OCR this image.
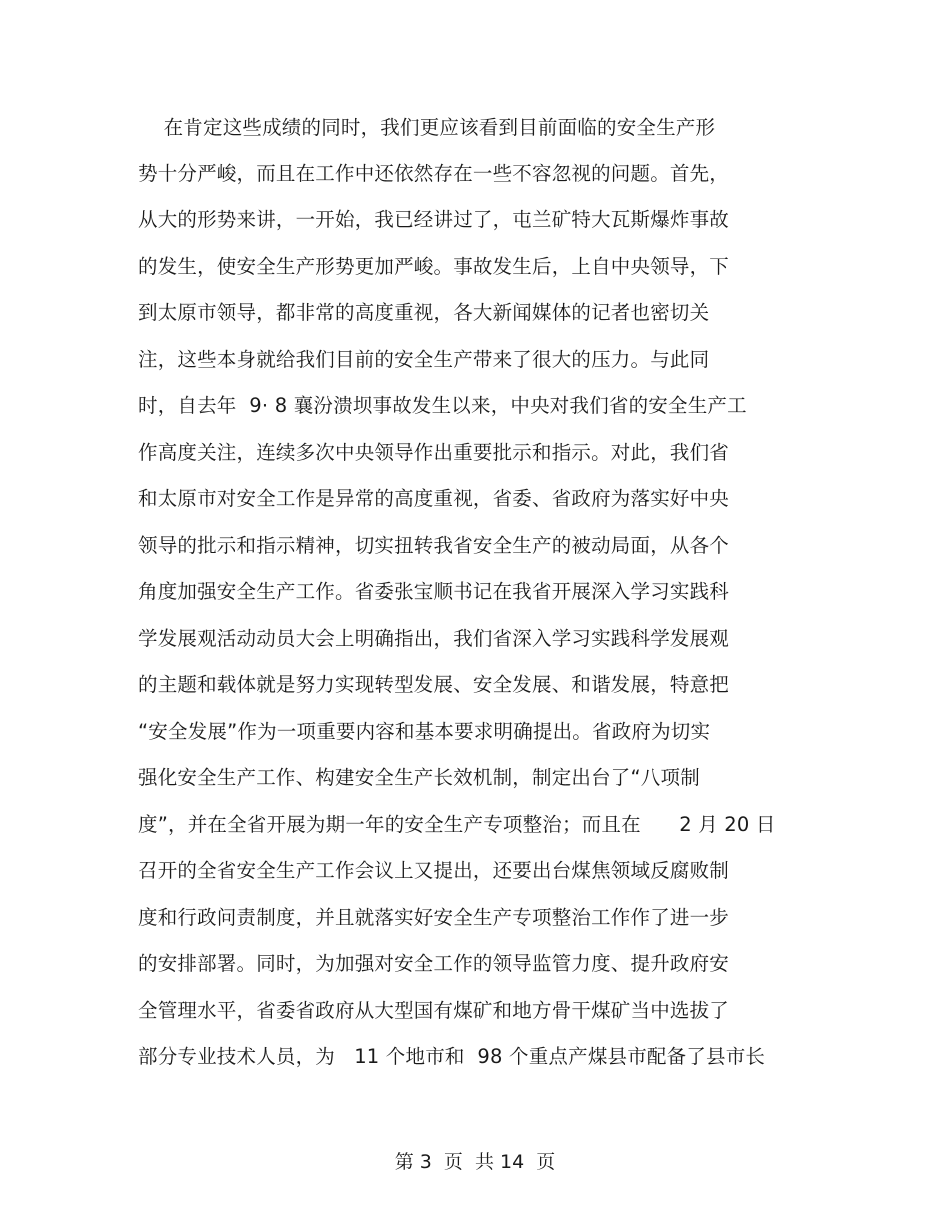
在肯定这些成绩的同时，我们更应该看到目前面临的安全生产形
势十分严峻，而且在工作中还依然存在一些不容忽视的问题。首先，
从大的形势来讲，一开始，我已经讲过了，屯兰矿特大瓦斯爆炸事故
的发生，使安全生产形势更加严峻。事故发生后，上自中央领导，下
到太原市领导，都非常的高度重视，各大新闻媒体的记者也密切关
注，这些本身就给我们目前的安全生产带来了很大的压力。与此同
时，自去年  9· 8 襄汾溃坝事故发生以来，中央对我们省的安全生产工
作高度关注，连续多次中央领导作出重要批示和指示。对此，我们省
和太原市对安全工作是异常的高度重视，省委、省政府为落实好中央
领导的批示和指示精神，切实扭转我省安全生产的被动局面，从各个
角度加强安全生产工作。省委张宝顺书记在我省开展深入学习实践科
学发展观活动动员大会上明确指出，我们省深入学习实践科学发展观
的主题和载体就是努力实现转型发展、安全发展、和谐发展，特意把
“安全发展”作为一项重要内容和基本要求明确提出。省政府为切实
强化安全生产工作、构建安全生产长效机制，制定出台了“八项制
度”，并在全省开展为期一年的安全生产专项整治；而且在      2 月 20 日
召开的全省安全生产工作会议上又提出，还要出台煤焦领域反腐败制
度和行政问责制度，并且就落实好安全生产专项整治工作作了进一步
的安排部署。同时，为加强对安全工作的领导监管力度、提升政府安
全管理水平，省委省政府从大型国有煤矿和地方骨干煤矿当中选拔了
部分专业技术人员，为   11 个地市和  98 个重点产煤县市配备了县市长
第 3  页  共 14  页
